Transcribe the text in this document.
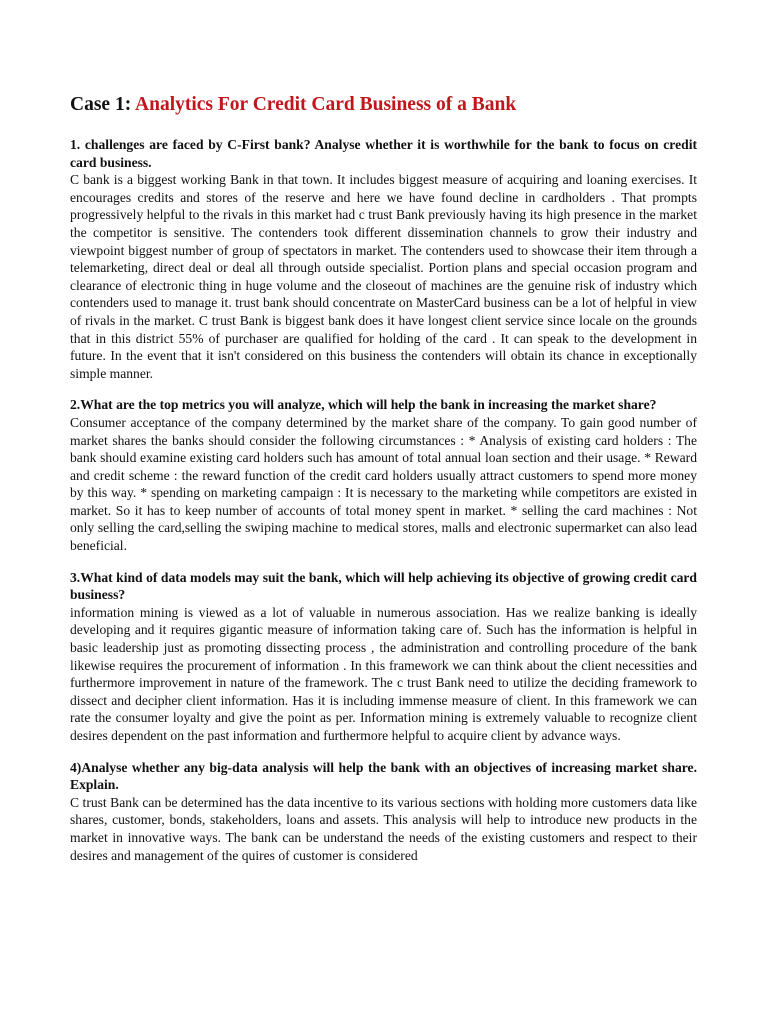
Case 1: Analytics For Credit Card Business of a Bank

1. challenges are faced by C-First bank? Analyse whether it is worthwhile for the bank to focus on credit card business.

C bank is a biggest working Bank in that town. It includes biggest measure of acquiring and loaning exercises. It encourages credits and stores of the reserve and here we have found decline in cardholders . That prompts progressively helpful to the rivals in this market had c trust Bank previously having its high presence in the market the competitor is sensitive. The contenders took different dissemination channels to grow their industry and viewpoint biggest number of group of spectators in market. The contenders used to showcase their item through a telemarketing, direct deal or deal all through outside specialist. Portion plans and special occasion program and clearance of electronic thing in huge volume and the closeout of machines are the genuine risk of industry which contenders used to manage it. trust bank should concentrate on MasterCard business can be a lot of helpful in view of rivals in the market. C trust Bank is biggest bank does it have longest client service since locale on the grounds that in this district 55% of purchaser are qualified for holding of the card . It can speak to the development in future. In the event that it isn't considered on this business the contenders will obtain its chance in exceptionally simple manner.

2.What are the top metrics you will analyze, which will help the bank in increasing the market share?

Consumer acceptance of the company determined by the market share of the company. To gain good number of market shares the banks should consider the following circumstances : * Analysis of existing card holders : The bank should examine existing card holders such has amount of total annual loan section and their usage. * Reward and credit scheme : the reward function of the credit card holders usually attract customers to spend more money by this way. * spending on marketing campaign : It is necessary to the marketing while competitors are existed in market. So it has to keep number of accounts of total money spent in market. * selling the card machines : Not only selling the card,selling the swiping machine to medical stores, malls and electronic supermarket can also lead beneficial.

3.What kind of data models may suit the bank, which will help achieving its objective of growing credit card business?

information mining is viewed as a lot of valuable in numerous association. Has we realize banking is ideally developing and it requires gigantic measure of information taking care of. Such has the information is helpful in basic leadership just as promoting dissecting process , the administration and controlling procedure of the bank likewise requires the procurement of information . In this framework we can think about the client necessities and furthermore improvement in nature of the framework. The c trust Bank need to utilize the deciding framework to dissect and decipher client information. Has it is including immense measure of client. In this framework we can rate the consumer loyalty and give the point as per. Information mining is extremely valuable to recognize client desires dependent on the past information and furthermore helpful to acquire client by advance ways.

4)Analyse whether any big-data analysis will help the bank with an objectives of increasing market share. Explain.

C trust Bank can be determined has the data incentive to its various sections with holding more customers data like shares, customer, bonds, stakeholders, loans and assets. This analysis will help to introduce new products in the market in innovative ways. The bank can be understand the needs of the existing customers and respect to their desires and management of the quires of customer is considered
